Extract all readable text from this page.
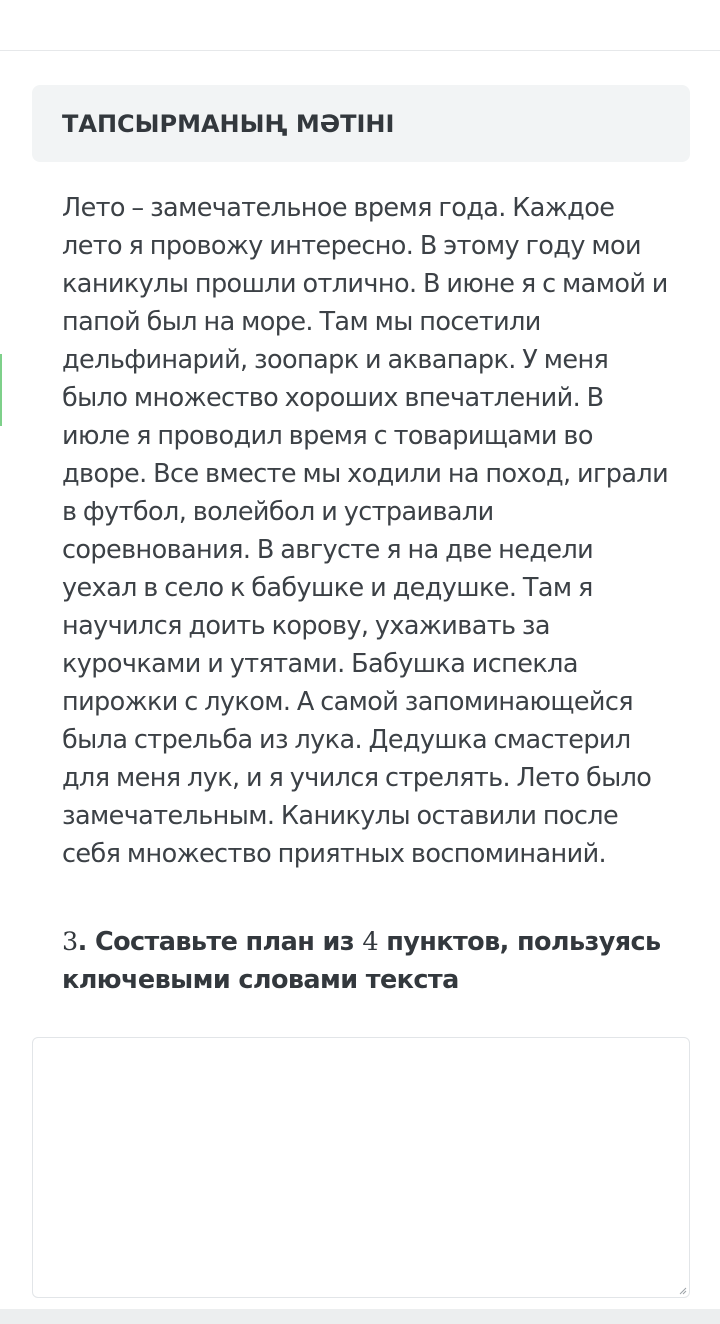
ТАПСЫРМАНЫҢ МӘТІНІ

Лето – замечательное время года. Каждое лето я провожу интересно. В этому году мои каникулы прошли отлично. В июне я с мамой и папой был на море. Там мы посетили дельфинарий, зоопарк и аквапарк. У меня было множество хороших впечатлений. В июле я проводил время с товарищами во дворе. Все вместе мы ходили на поход, играли в футбол, волейбол и устраивали соревнования. В августе я на две недели уехал в село к бабушке и дедушке. Там я научился доить корову, ухаживать за курочками и утятами. Бабушка испекла пирожки с луком. А самой запоминающейся была стрельба из лука. Дедушка смастерил для меня лук, и я учился стрелять. Лето было замечательным. Каникулы оставили после себя множество приятных воспоминаний.

3. Составьте план из 4 пунктов, пользуясь ключевыми словами текста
